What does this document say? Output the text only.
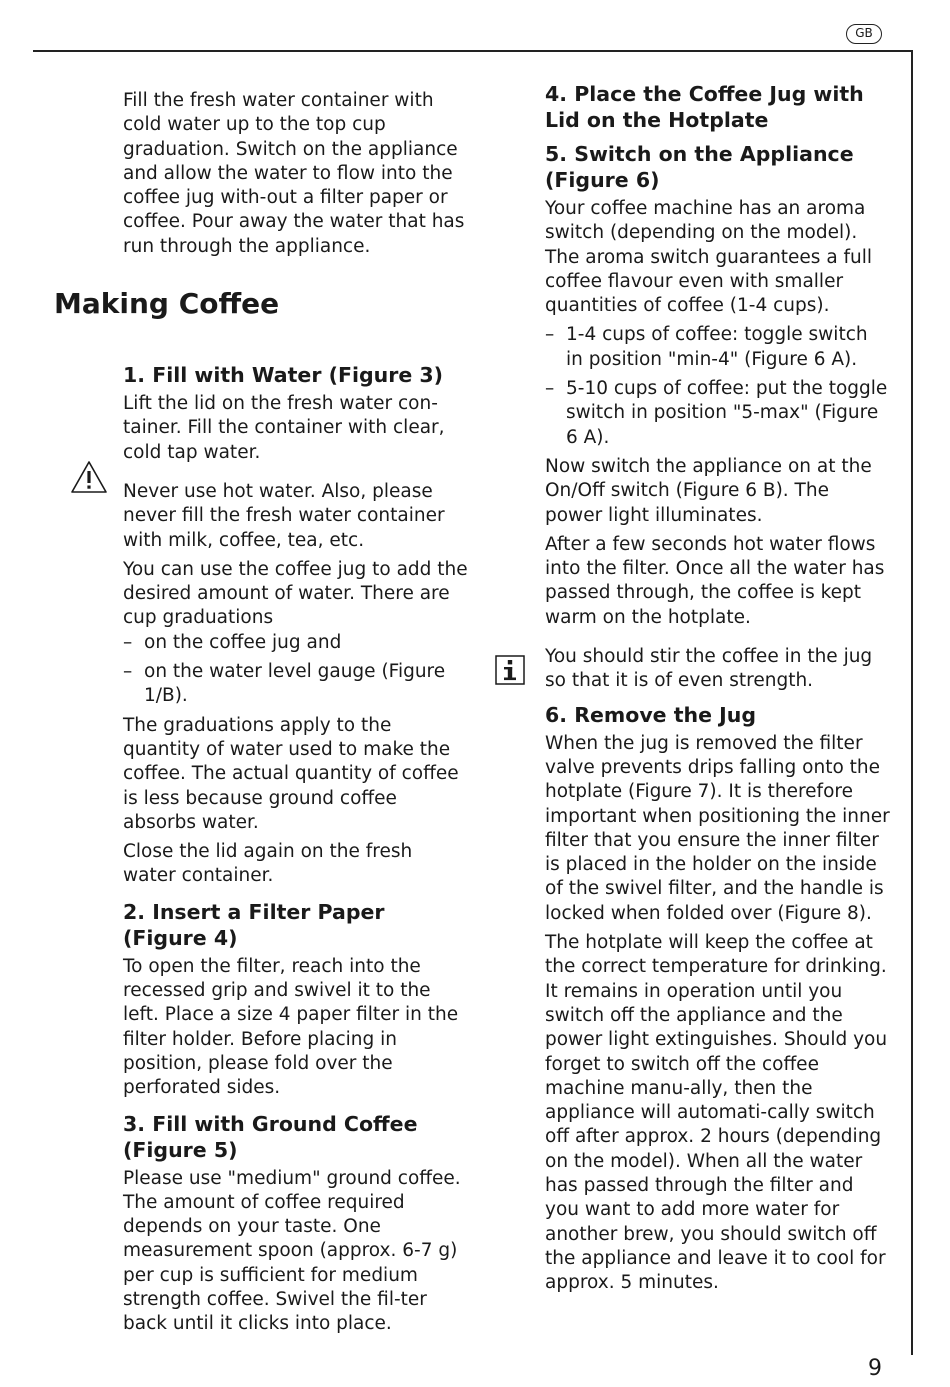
GB
Making Coffee

Fill the fresh water container with cold water up to the top cup graduation. Switch on the appliance and allow the water to flow into the coffee jug with-out a filter paper or coffee. Pour away the water that has run through the appliance.

1. Fill with Water (Figure 3)

Lift the lid on the fresh water con-tainer. Fill the container with clear, cold tap water.

Never use hot water. Also, please never fill the fresh water container with milk, coffee, tea, etc.

You can use the coffee jug to add the desired amount of water. There are cup graduations

– on the coffee jug and
– on the water level gauge (Figure 1/B).

The graduations apply to the quantity of water used to make the coffee. The actual quantity of coffee is less because ground coffee absorbs water.

Close the lid again on the fresh water container.

2. Insert a Filter Paper (Figure 4)

To open the filter, reach into the recessed grip and swivel it to the left. Place a size 4 paper filter in the filter holder. Before placing in position, please fold over the perforated sides.

3. Fill with Ground Coffee (Figure 5)

Please use "medium" ground coffee. The amount of coffee required depends on your taste. One measurement spoon (approx. 6-7 g) per cup is sufficient for medium strength coffee. Swivel the fil-ter back until it clicks into place.

4. Place the Coffee Jug with Lid on the Hotplate
5. Switch on the Appliance (Figure 6)

Your coffee machine has an aroma switch (depending on the model). The aroma switch guarantees a full coffee flavour even with smaller quantities of coffee (1-4 cups).

– 1-4 cups of coffee: toggle switch in position "min-4" (Figure 6 A).
– 5-10 cups of coffee: put the toggle switch in position "5-max" (Figure 6 A).

Now switch the appliance on at the On/Off switch (Figure 6 B). The power light illuminates.

After a few seconds hot water flows into the filter. Once all the water has passed through, the coffee is kept warm on the hotplate.

You should stir the coffee in the jug so that it is of even strength.

6. Remove the Jug

When the jug is removed the filter valve prevents drips falling onto the hotplate (Figure 7). It is therefore important when positioning the inner filter that you ensure the inner filter is placed in the holder on the inside of the swivel filter, and the handle is locked when folded over (Figure 8).

The hotplate will keep the coffee at the correct temperature for drinking. It remains in operation until you switch off the appliance and the power light extinguishes. Should you forget to switch off the coffee machine manu-ally, then the appliance will automati-cally switch off after approx. 2 hours (depending on the model). When all the water has passed through the filter and you want to add more water for another brew, you should switch off the appliance and leave it to cool for approx. 5 minutes.

9
